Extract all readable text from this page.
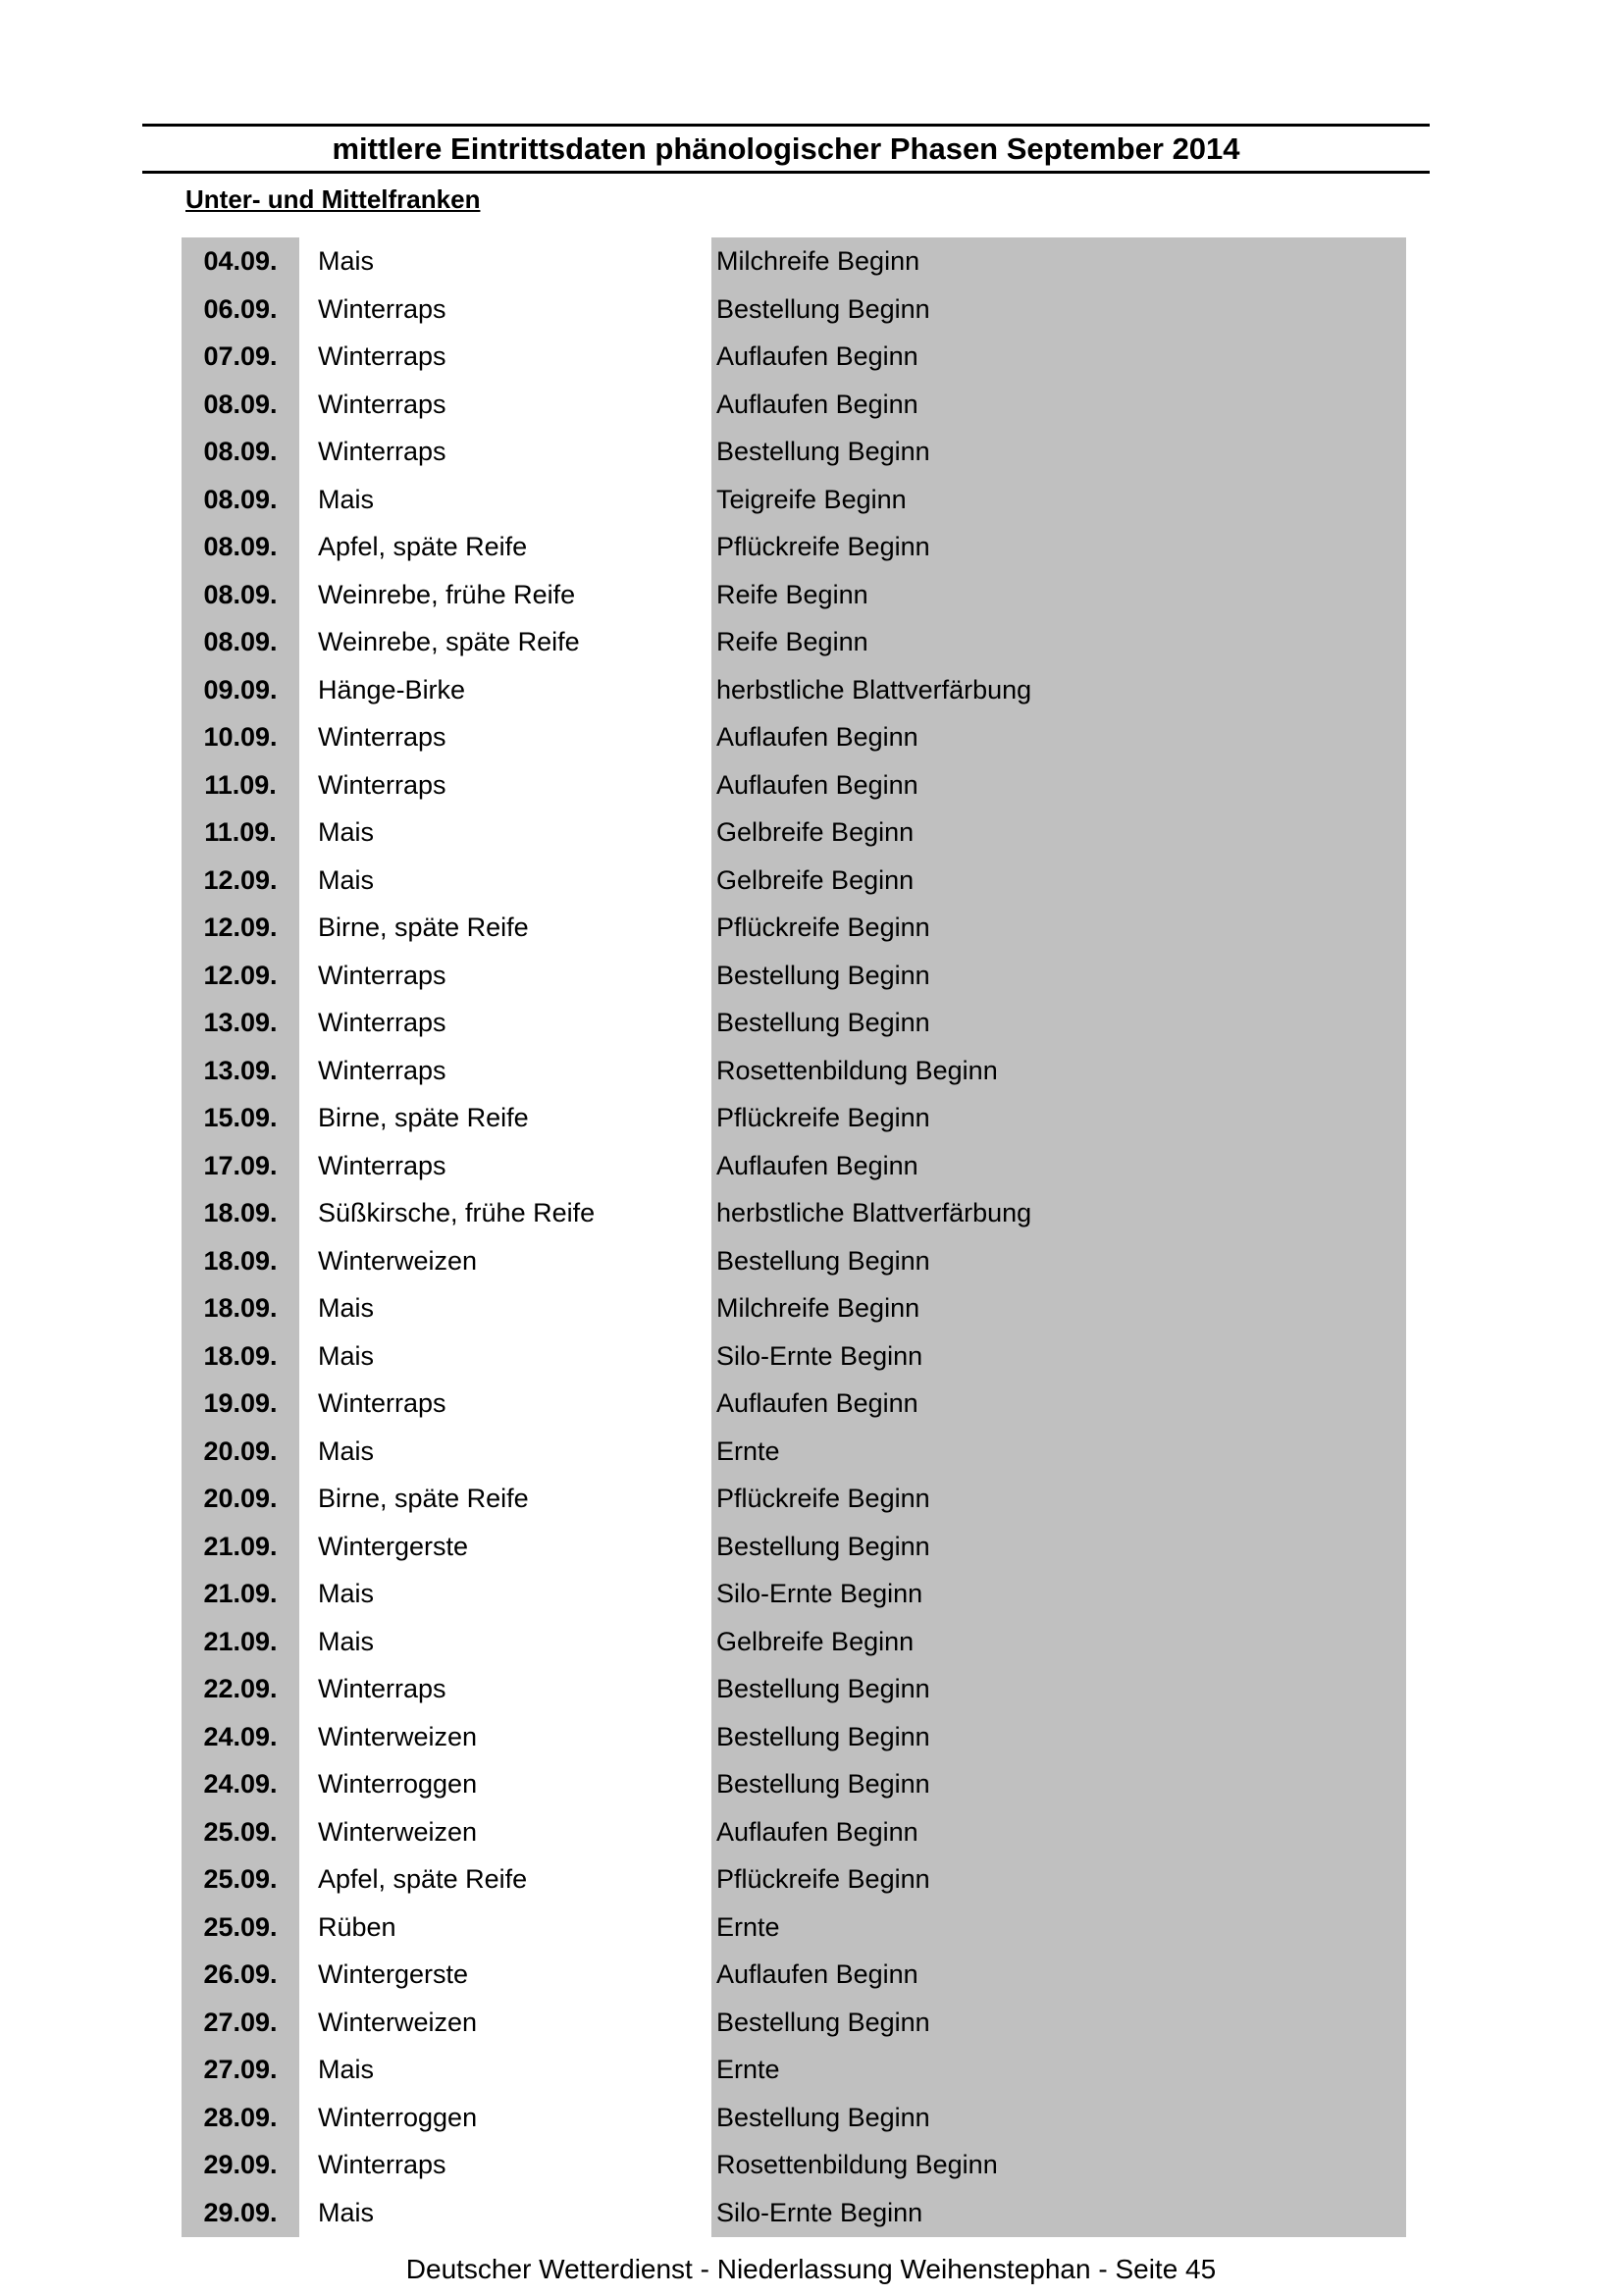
mittlere Eintrittsdaten phänologischer Phasen September 2014
Unter- und Mittelfranken
04.09.	Mais	Milchreife Beginn
06.09.	Winterraps	Bestellung Beginn
07.09.	Winterraps	Auflaufen Beginn
08.09.	Winterraps	Auflaufen Beginn
08.09.	Winterraps	Bestellung Beginn
08.09.	Mais	Teigreife Beginn
08.09.	Apfel, späte Reife	Pflückreife Beginn
08.09.	Weinrebe, frühe Reife	Reife Beginn
08.09.	Weinrebe, späte Reife	Reife Beginn
09.09.	Hänge-Birke	herbstliche Blattverfärbung
10.09.	Winterraps	Auflaufen Beginn
11.09.	Winterraps	Auflaufen Beginn
11.09.	Mais	Gelbreife Beginn
12.09.	Mais	Gelbreife Beginn
12.09.	Birne, späte Reife	Pflückreife Beginn
12.09.	Winterraps	Bestellung Beginn
13.09.	Winterraps	Bestellung Beginn
13.09.	Winterraps	Rosettenbildung Beginn
15.09.	Birne, späte Reife	Pflückreife Beginn
17.09.	Winterraps	Auflaufen Beginn
18.09.	Süßkirsche, frühe Reife	herbstliche Blattverfärbung
18.09.	Winterweizen	Bestellung Beginn
18.09.	Mais	Milchreife Beginn
18.09.	Mais	Silo-Ernte Beginn
19.09.	Winterraps	Auflaufen Beginn
20.09.	Mais	Ernte
20.09.	Birne, späte Reife	Pflückreife Beginn
21.09.	Wintergerste	Bestellung Beginn
21.09.	Mais	Silo-Ernte Beginn
21.09.	Mais	Gelbreife Beginn
22.09.	Winterraps	Bestellung Beginn
24.09.	Winterweizen	Bestellung Beginn
24.09.	Winterroggen	Bestellung Beginn
25.09.	Winterweizen	Auflaufen Beginn
25.09.	Apfel, späte Reife	Pflückreife Beginn
25.09.	Rüben	Ernte
26.09.	Wintergerste	Auflaufen Beginn
27.09.	Winterweizen	Bestellung Beginn
27.09.	Mais	Ernte
28.09.	Winterroggen	Bestellung Beginn
29.09.	Winterraps	Rosettenbildung Beginn
29.09.	Mais	Silo-Ernte Beginn
Deutscher Wetterdienst - Niederlassung Weihenstephan - Seite 45
